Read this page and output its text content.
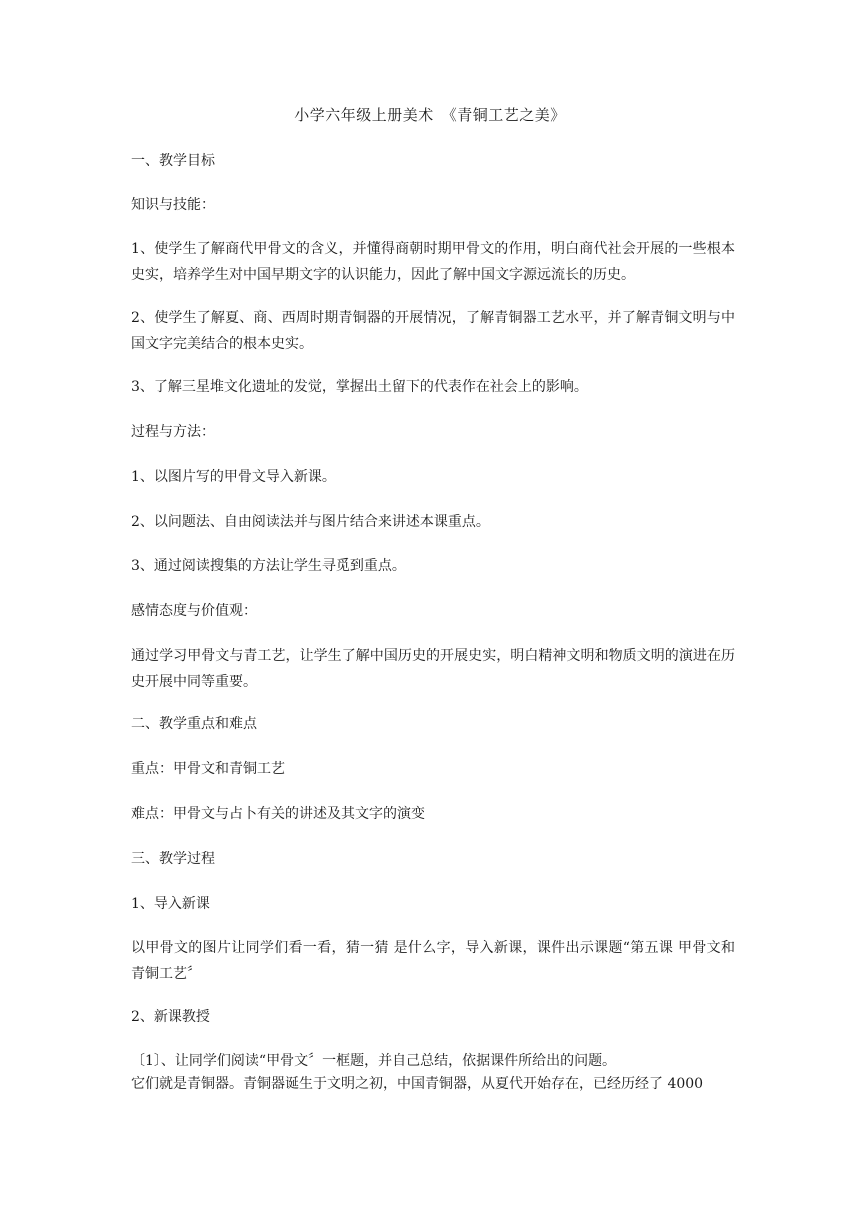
小学六年级上册美术　《青铜工艺之美》
一、教学目标
知识与技能：
1、使学生了解商代甲骨文的含义，并懂得商朝时期甲骨文的作用，明白商代社会开展的一些根本史实，培养学生对中国早期文字的认识能力，因此了解中国文字源远流长的历史。
2、使学生了解夏、商、西周时期青铜器的开展情况，了解青铜器工艺水平，并了解青铜文明与中国文字完美结合的根本史实。
3、了解三星堆文化遗址的发觉，掌握出土留下的代表作在社会上的影响。
过程与方法：
1、以图片写的甲骨文导入新课。
2、以问题法、自由阅读法并与图片结合来讲述本课重点。
3、通过阅读搜集的方法让学生寻觅到重点。
感情态度与价值观：
通过学习甲骨文与青工艺，让学生了解中国历史的开展史实，明白精神文明和物质文明的演进在历史开展中同等重要。
二、教学重点和难点
重点：甲骨文和青铜工艺
难点：甲骨文与占卜有关的讲述及其文字的演变
三、教学过程
1、导入新课
以甲骨文的图片让同学们看一看，猜一猜 是什么字，导入新课，课件出示课题“第五课 甲骨文和青铜工艺〞
2、新课教授
〔1〕、让同学们阅读“甲骨文〞一框题，并自己总结，依据课件所给出的问题。
它们就是青铜器。青铜器诞生于文明之初，中国青铜器，从夏代开始存在，已经历经了 4000
